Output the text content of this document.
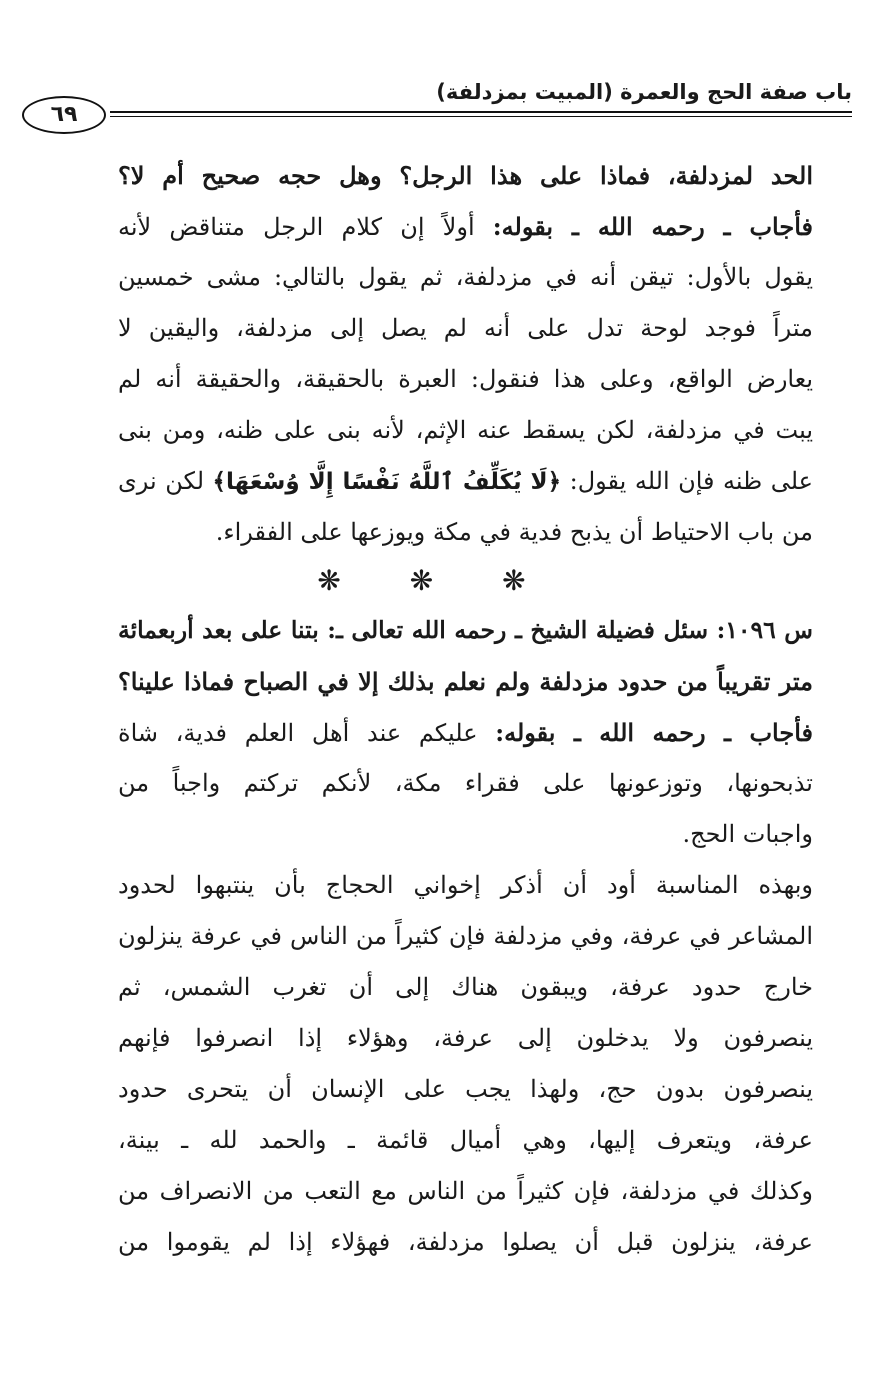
باب صفة الحج والعمرة (المبيت بمزدلفة)
٦٩
الحد لمزدلفة، فماذا على هذا الرجل؟ وهل حجه صحيح أم لا؟
فأجاب ـ رحمه الله ـ بقوله: أولاً إن كلام الرجل متناقض لأنه
يقول بالأول: تيقن أنه في مزدلفة، ثم يقول بالتالي: مشى خمسين
متراً فوجد لوحة تدل على أنه لم يصل إلى مزدلفة، واليقين لا
يعارض الواقع، وعلى هذا فنقول: العبرة بالحقيقة، والحقيقة أنه لم
يبت في مزدلفة، لكن يسقط عنه الإثم، لأنه بنى على ظنه، ومن بنى
على ظنه فإن الله يقول: ﴿لَا يُكَلِّفُ ٱللَّهُ نَفْسًا إِلَّا وُسْعَهَا﴾ لكن نرى
من باب الاحتياط أن يذبح فدية في مكة ويوزعها على الفقراء.
❋ ❋ ❋
س ١٠٩٦: سئل فضيلة الشيخ ـ رحمه الله تعالى ـ: بتنا على بعد أربعمائة
متر تقريباً من حدود مزدلفة ولم نعلم بذلك إلا في الصباح فماذا علينا؟
فأجاب ـ رحمه الله ـ بقوله: عليكم عند أهل العلم فدية، شاة
تذبحونها، وتوزعونها على فقراء مكة، لأنكم تركتم واجباً من
واجبات الحج.
وبهذه المناسبة أود أن أذكر إخواني الحجاج بأن ينتبهوا لحدود
المشاعر في عرفة، وفي مزدلفة فإن كثيراً من الناس في عرفة ينزلون
خارج حدود عرفة، ويبقون هناك إلى أن تغرب الشمس، ثم
ينصرفون ولا يدخلون إلى عرفة، وهؤلاء إذا انصرفوا فإنهم
ينصرفون بدون حج، ولهذا يجب على الإنسان أن يتحرى حدود
عرفة، ويتعرف إليها، وهي أميال قائمة ـ والحمد لله ـ بينة،
وكذلك في مزدلفة، فإن كثيراً من الناس مع التعب من الانصراف من
عرفة، ينزلون قبل أن يصلوا مزدلفة، فهؤلاء إذا لم يقوموا من
